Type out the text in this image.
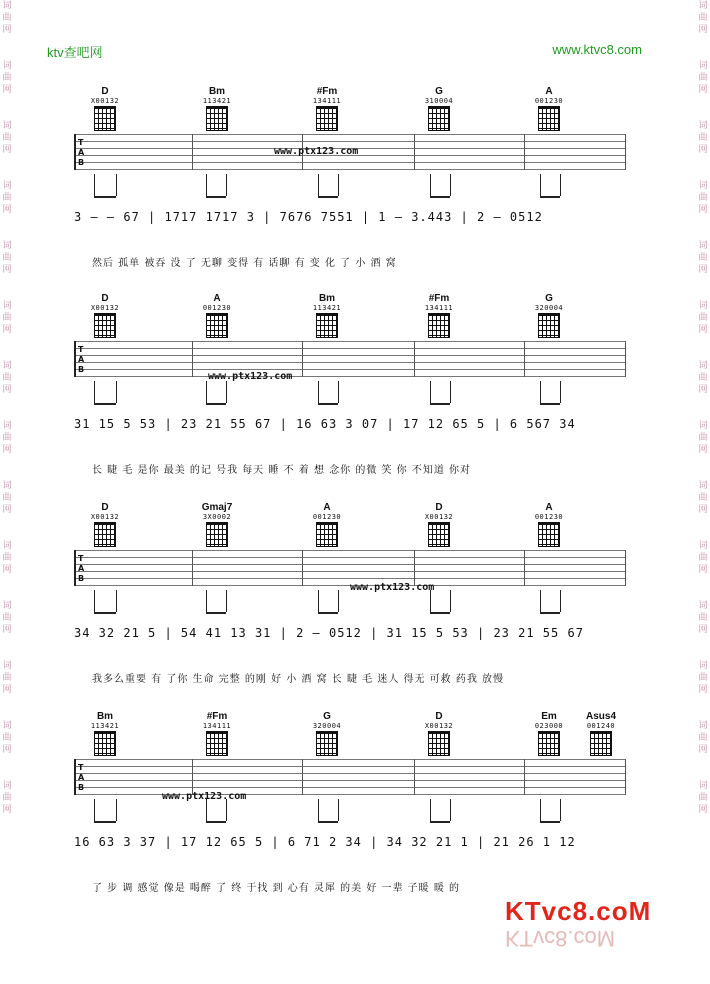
词曲网

词曲网

词曲网

词曲网

词曲网

词曲网

词曲网

词曲网

词曲网

词曲网

词曲网

词曲网

词曲网

词曲网
词曲网

词曲网

词曲网

词曲网

词曲网

词曲网

词曲网

词曲网

词曲网

词曲网

词曲网

词曲网

词曲网

词曲网
ktv查吧网	www.ktvc8.com
D
X00132
Bm
113421
#Fm
134111
G
310004
A
001230
T
A
B
www.ptx123.com
3 – – 67 | 1717 1717 3 | 7676 7551 | 1 – 3.443 | 2 – 0512
然后 孤单 被吞 没 了 无聊 变得 有 话聊 有 变 化 了 小 酒 窝
D
X00132
A
001230
Bm
113421
#Fm
134111
G
320004
T
A
B
www.ptx123.com
31 15 5 53 | 23 21 55 67 | 16 63 3 07 | 17 12 65 5 | 6 567 34
长 睫 毛 是你 最美 的记 号我 每天 睡 不 着 想 念你 的微 笑 你 不知道 你对
D
X00132
Gmaj7
3X0002
A
001230
D
X00132
A
001230
T
A
B
www.ptx123.com
34 32 21 5 | 54 41 13 31 | 2 – 0512 | 31 15 5 53 | 23 21 55 67
我多么重要 有 了你 生命 完整 的刚 好 小 酒 窝 长 睫 毛 迷人 得无 可救 药我 放慢
Bm
113421
#Fm
134111
G
320004
D
X00132
Em
023000
Asus4
001240
T
A
B
www.ptx123.com
16 63 3 37 | 17 12 65 5 | 6 71 2 34 | 34 32 21 1 | 21 26 1 12
了 步 调 感觉 像是 喝醉 了 终 于找 到 心有 灵犀 的美 好 一辈 子暖 暖 的
KTvc8.coM
KTvc8.coM
